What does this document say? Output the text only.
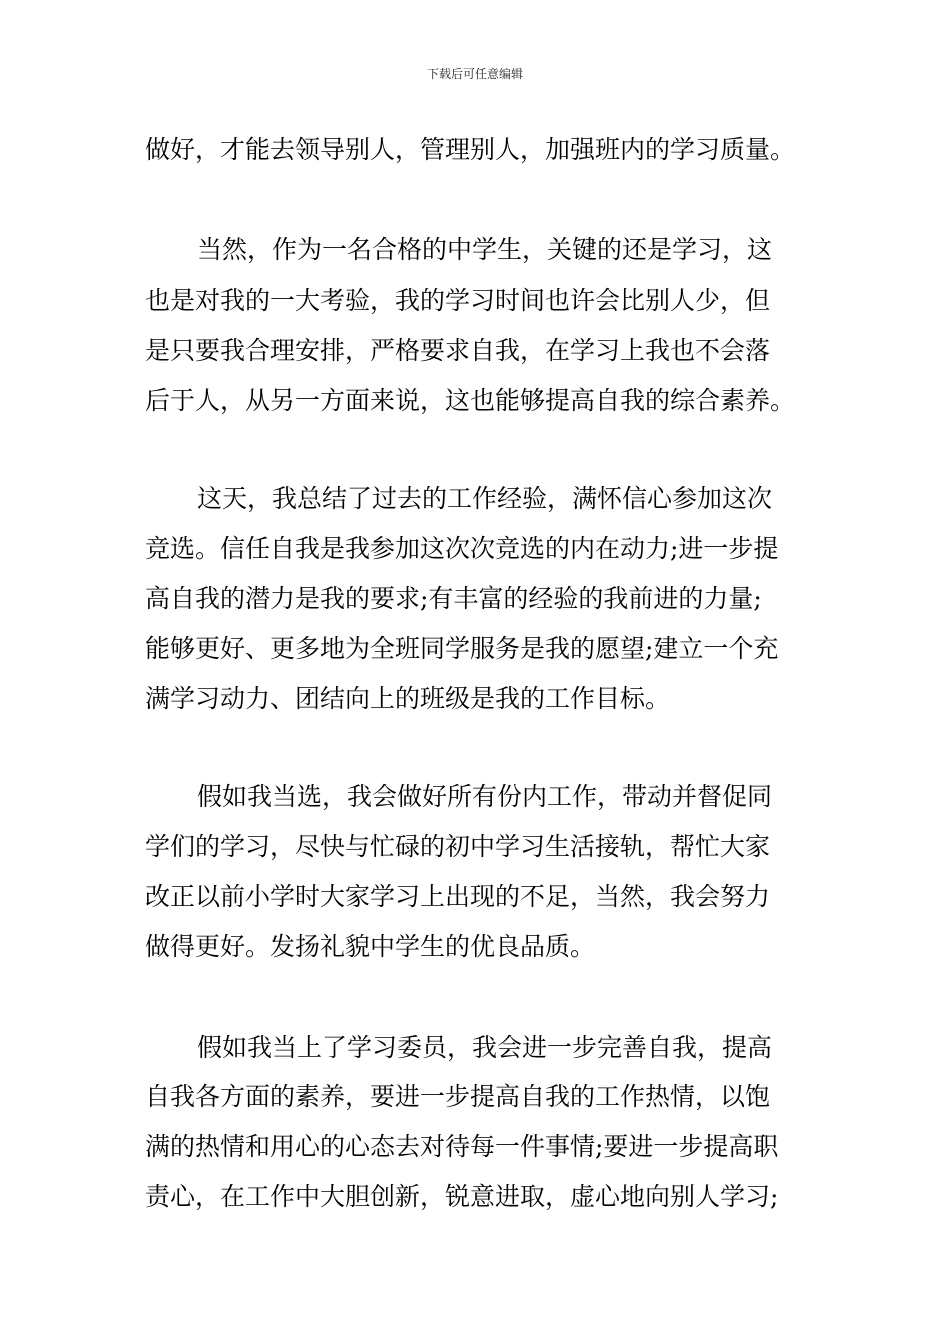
下载后可任意编辑
做好，才能去领导别人，管理别人，加强班内的学习质量。
当然，作为一名合格的中学生，关键的还是学习，这
也是对我的一大考验，我的学习时间也许会比别人少，但
是只要我合理安排，严格要求自我，在学习上我也不会落
后于人，从另一方面来说，这也能够提高自我的综合素养。
这天，我总结了过去的工作经验，满怀信心参加这次
竞选。信任自我是我参加这次次竞选的内在动力;进一步提
高自我的潜力是我的要求;有丰富的经验的我前进的力量;
能够更好、更多地为全班同学服务是我的愿望;建立一个充
满学习动力、团结向上的班级是我的工作目标。
假如我当选，我会做好所有份内工作，带动并督促同
学们的学习，尽快与忙碌的初中学习生活接轨，帮忙大家
改正以前小学时大家学习上出现的不足，当然，我会努力
做得更好。发扬礼貌中学生的优良品质。
假如我当上了学习委员，我会进一步完善自我，提高
自我各方面的素养，要进一步提高自我的工作热情，以饱
满的热情和用心的心态去对待每一件事情;要进一步提高职
责心，在工作中大胆创新，锐意进取，虚心地向别人学习;
